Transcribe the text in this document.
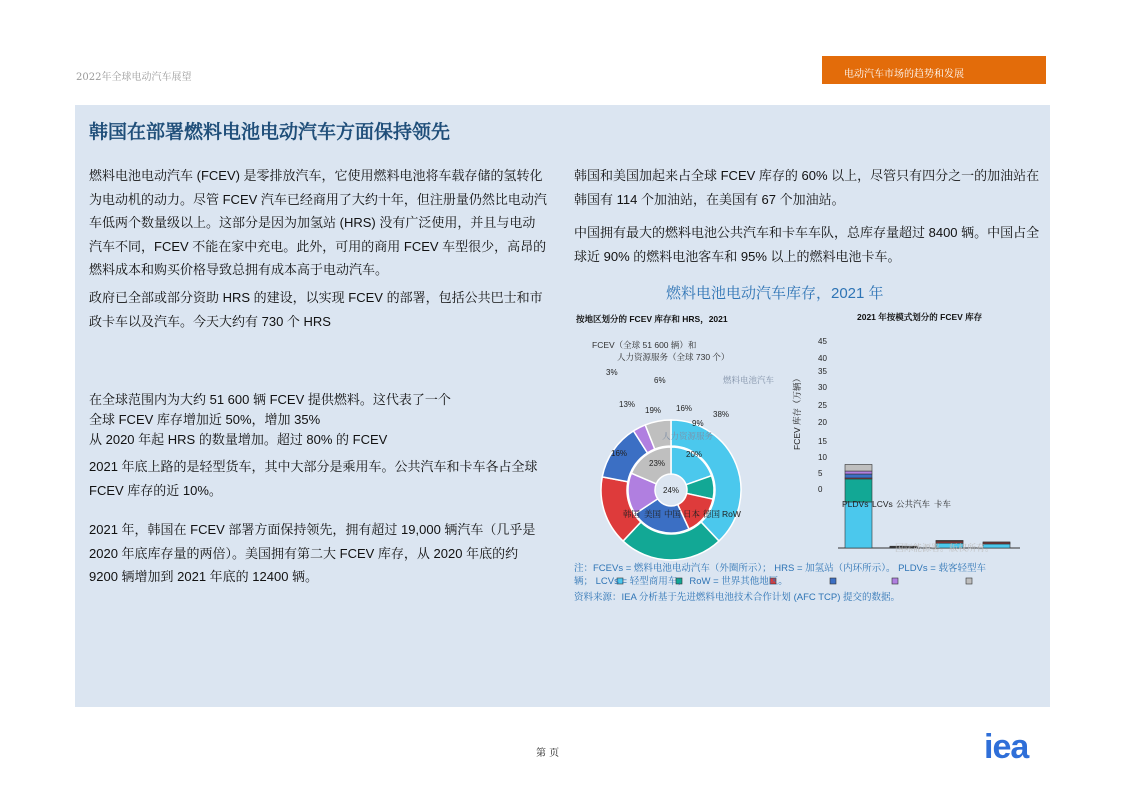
2022年全球电动汽车展望	电动汽车市场的趋势和发展
韩国在部署燃料电池电动汽车方面保持领先
燃料电池电动汽车 (FCEV) 是零排放汽车，它使用燃料电池将车载存储的氢转化
为电动机的动力。尽管 FCEV 汽车已经商用了大约十年，但注册量仍然比电动汽
车低两个数量级以上。这部分是因为加氢站 (HRS) 没有广泛使用，并且与电动
汽车不同，FCEV 不能在家中充电。此外，可用的商用 FCEV 车型很少，高昂的
燃料成本和购买价格导致总拥有成本高于电动汽车。
政府已全部或部分资助 HRS 的建设，以实现 FCEV 的部署，包括公共巴士和市
政卡车以及汽车。今天大约有 730 个 HRS
在全球范围内为大约 51 600 辆 FCEV 提供燃料。这代表了一个
全球 FCEV 库存增加近 50%，增加 35%
从 2020 年起 HRS 的数量增加。超过 80% 的 FCEV
2021 年底上路的是轻型货车，其中大部分是乘用车。公共汽车和卡车各占全球
FCEV 库存的近 10%。
2021 年，韩国在 FCEV 部署方面保持领先，拥有超过 19,000 辆汽车（几乎是
2020 年底库存量的两倍）。美国拥有第二大 FCEV 库存，从 2020 年底的约
9200 辆增加到 2021 年底的 12400 辆。
韩国和美国加起来占全球 FCEV 库存的 60% 以上，尽管只有四分之一的加油站在
韩国有 114 个加油站，在美国有 67 个加油站。
中国拥有最大的燃料电池公共汽车和卡车车队，总库存量超过 8400 辆。中国占全
球近 90% 的燃料电池客车和 95% 以上的燃料电池卡车。
燃料电池电动汽车库存，2021 年
按地区划分的 FCEV 库存和 HRS，2021
FCEV（全球 51 600 辆）和
人力资源服务（全球 730 个）
燃料电池汽车
人力资源服务
3%
6%
13%
38%
16%
19% 16%
9%
20%
23%
24%
韩国 美国 中国 日本 德国 RoW
2021 年按模式划分的 FCEV 库存
FCEV 库存（万辆）
0
5
10
15
20
25
30
35
40
45
PLDVs LCVs 公共汽车 卡车
国际能源署。版权所有。
注：FCEVs = 燃料电池电动汽车（外圈所示）； HRS = 加氢站（内环所示）。 PLDVs = 载客轻型车
辆； LCVs = 轻型商用车； RoW = 世界其他地区。
资料来源：IEA 分析基于先进燃料电池技术合作计划 (AFC TCP) 提交的数据。
第 页	iea
